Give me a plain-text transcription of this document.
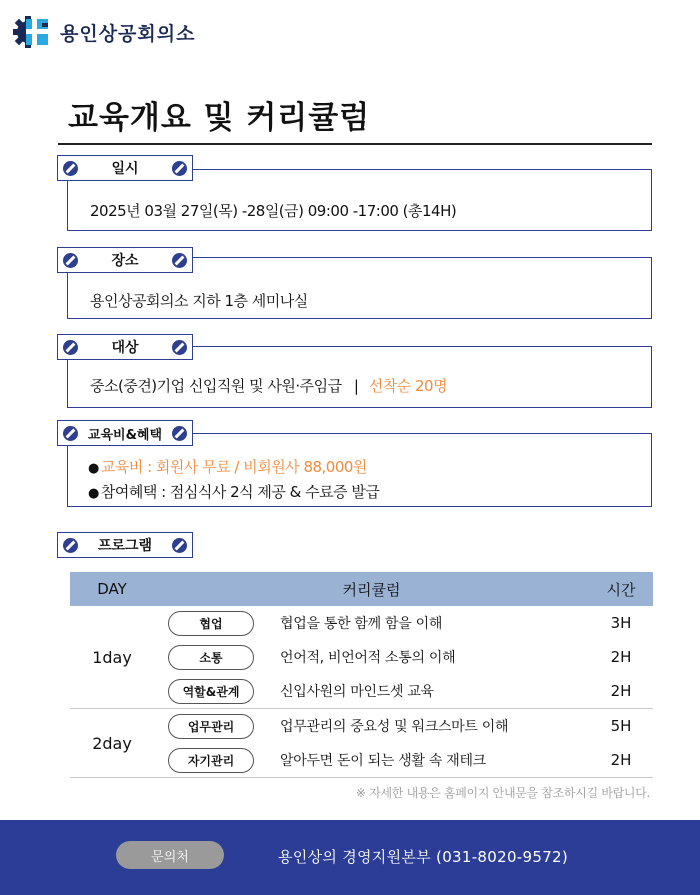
용인상공회의소
교육개요 및 커리큘럼
일시
2025년 03월 27일(목) -28일(금) 09:00 -17:00 (총14H)
장소
용인상공회의소 지하 1층 세미나실
대상
중소(중견)기업 신입직원 및 사원·주임급 | 선착순 20명
교육비&혜택
● 교육비 : 회원사 무료 / 비회원사 88,000원
● 참여혜택 : 점심식사 2식 제공 & 수료증 발급
프로그램
DAY	커리큘럼	시간
1day
협업	협업을 통한 함께 함을 이해	3H
소통	언어적, 비언어적 소통의 이해	2H
역할&관계	신입사원의 마인드셋 교육	2H
2day
업무관리	업무관리의 중요성 및 워크스마트 이해	5H
자기관리	알아두면 돈이 되는 생활 속 재테크	2H
※ 자세한 내용은 홈페이지 안내문을 참조하시길 바랍니다.
문의처	용인상의 경영지원본부 (031-8020-9572)
